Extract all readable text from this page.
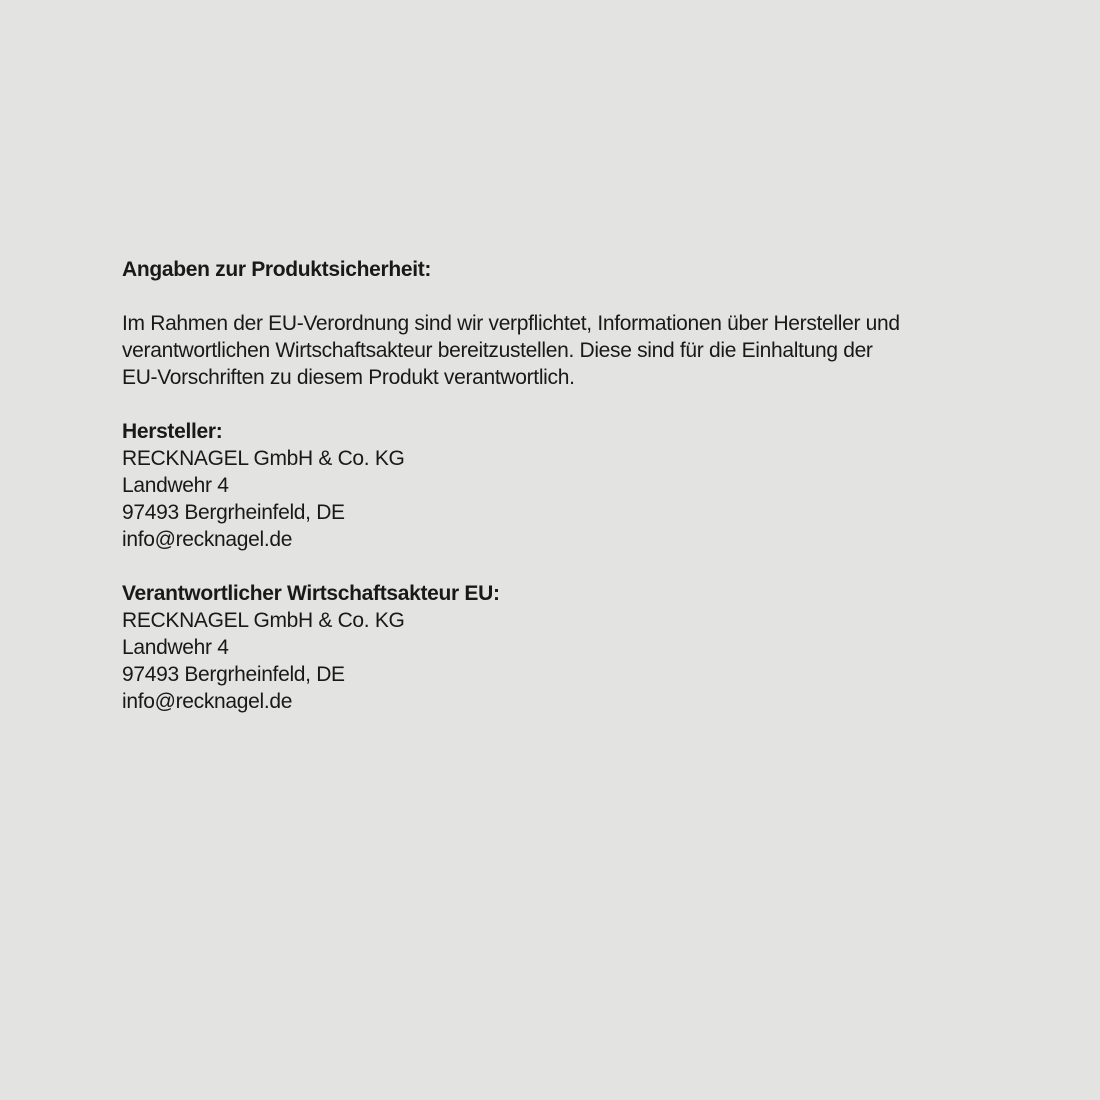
Angaben zur Produktsicherheit:
Im Rahmen der EU-Verordnung sind wir verpflichtet, Informationen über Hersteller und
verantwortlichen Wirtschaftsakteur bereitzustellen. Diese sind für die Einhaltung der
EU-Vorschriften zu diesem Produkt verantwortlich.
Hersteller:
RECKNAGEL GmbH & Co. KG
Landwehr 4
97493 Bergrheinfeld, DE
info@recknagel.de
Verantwortlicher Wirtschaftsakteur EU:
RECKNAGEL GmbH & Co. KG
Landwehr 4
97493 Bergrheinfeld, DE
info@recknagel.de
